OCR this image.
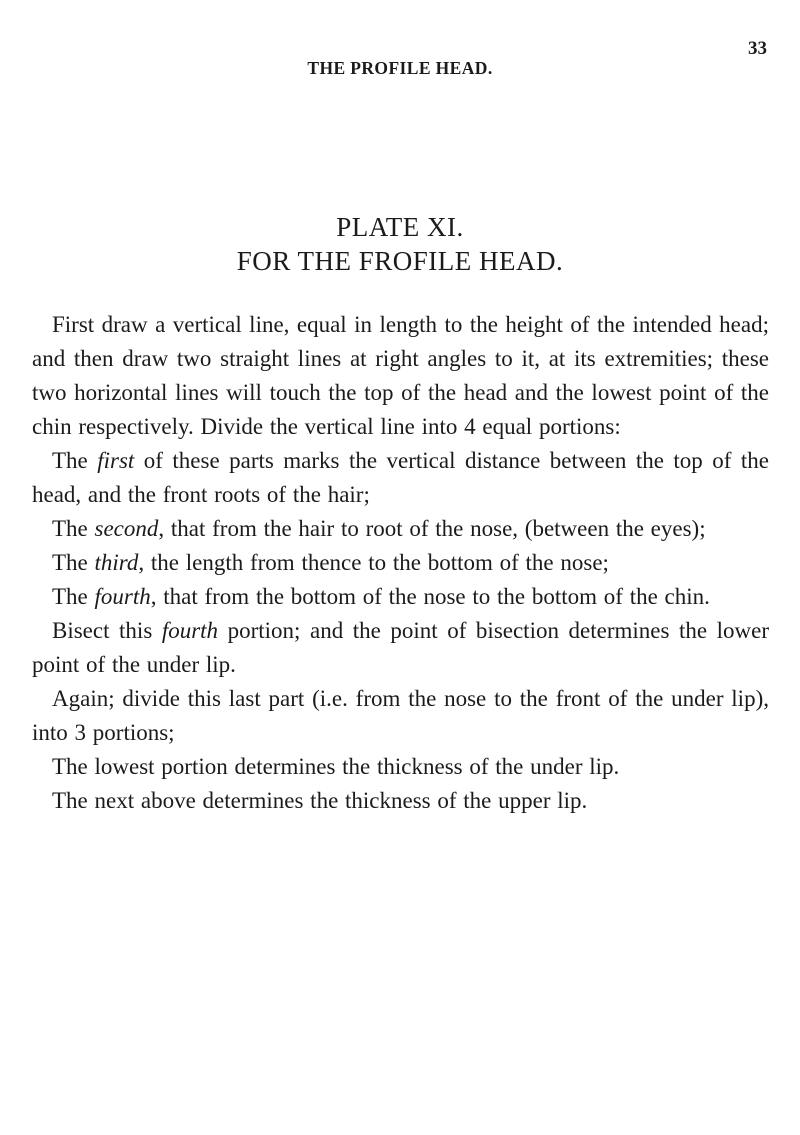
33
THE PROFILE HEAD.
PLATE XI.
FOR THE FROFILE HEAD.

First draw a vertical line, equal in length to the height of the intended head; and then draw two straight lines at right angles to it, at its extremities; these two horizontal lines will touch the top of the head and the lowest point of the chin respectively. Divide the vertical line into 4 equal portions:

The first of these parts marks the vertical distance between the top of the head, and the front roots of the hair;

The second, that from the hair to root of the nose, (between the eyes);

The third, the length from thence to the bottom of the nose;

The fourth, that from the bottom of the nose to the bottom of the chin.

Bisect this fourth portion; and the point of bisection determines the lower point of the under lip.

Again; divide this last part (i.e. from the nose to the front of the under lip), into 3 portions;

The lowest portion determines the thickness of the under lip.

The next above determines the thickness of the upper lip.
